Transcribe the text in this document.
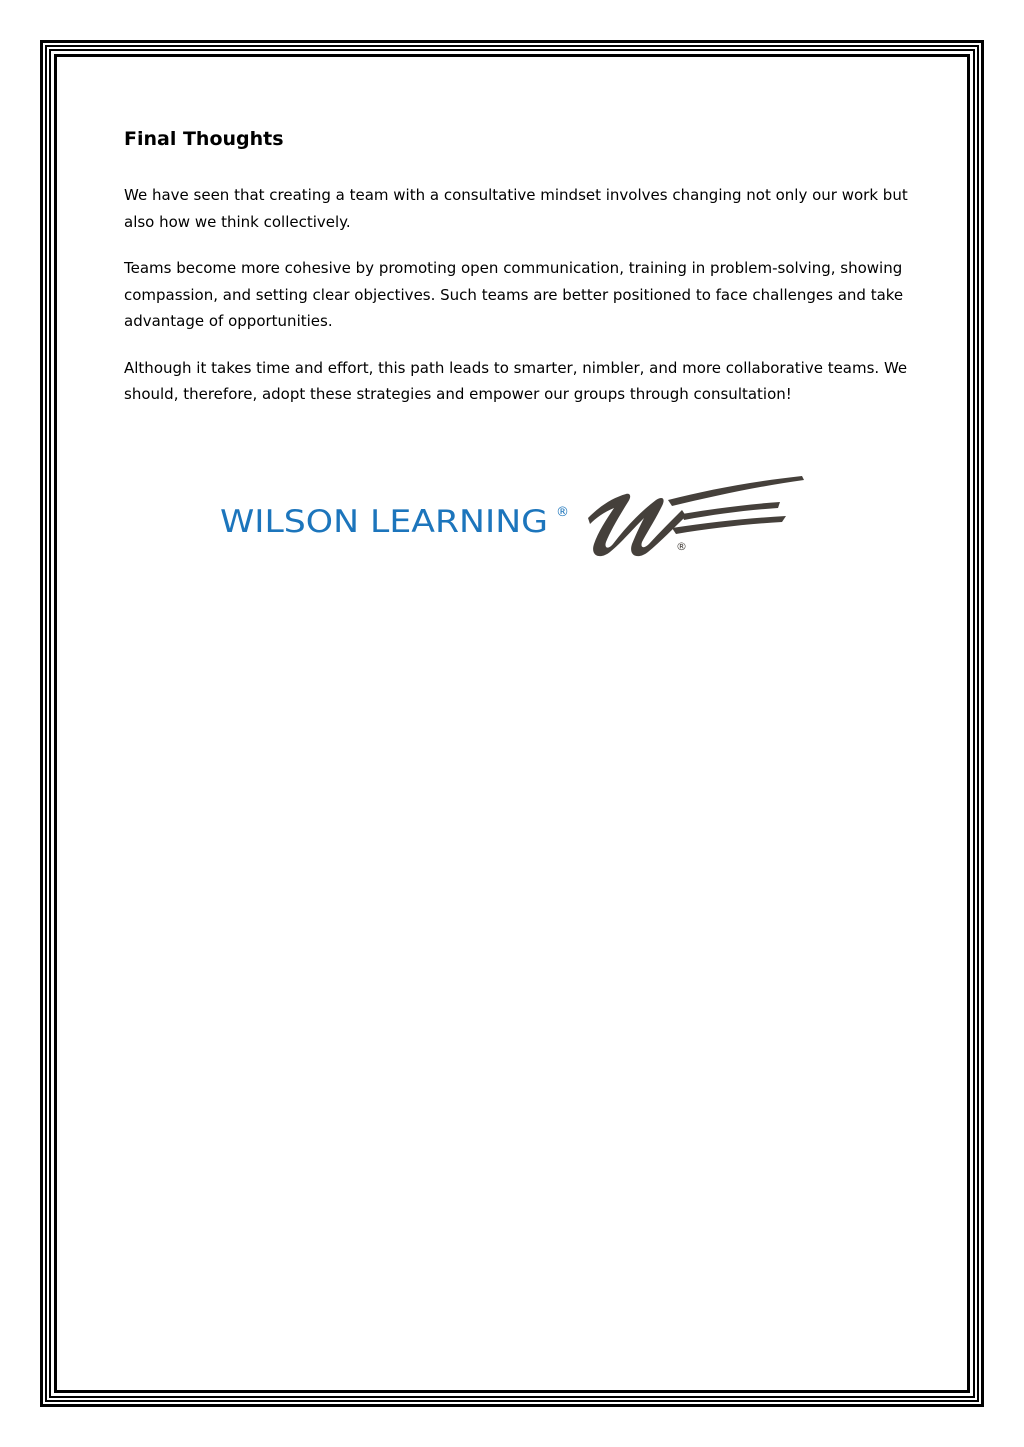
Final Thoughts

We have seen that creating a team with a consultative mindset involves changing not only our work but also how we think collectively.

Teams become more cohesive by promoting open communication, training in problem-solving, showing compassion, and setting clear objectives. Such teams are better positioned to face challenges and take advantage of opportunities.

Although it takes time and effort, this path leads to smarter, nimbler, and more collaborative teams. We should, therefore, adopt these strategies and empower our groups through consultation!

WILSON LEARNING ®
®
